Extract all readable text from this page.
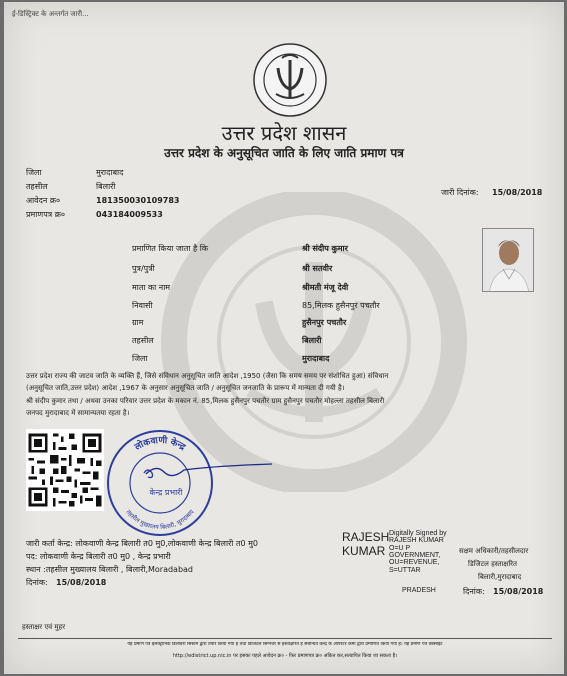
ई-डिस्ट्रिक्ट के अन्तर्गत जारी...
उत्तर प्रदेश शासन
उत्तर प्रदेश के अनुसूचित जाति के लिए जाति प्रमाण पत्र
जिला	मुरादाबाद
तहसील	बिलारी
आवेदन क्र०	181350030109783
प्रमाणपत्र क्र०	043184009533
जारी दिनांक: 15/08/2018
प्रमाणित किया जाता है कि	श्री संदीप कुमार
पुत्र/पुत्री	श्री सतवीर
माता का नाम	श्रीमती मंजू देवी
निवासी	85,मिलक हुसैनपुर पचतौर
ग्राम	हुसैनपुर पचतौर
तहसील	बिलारी
जिला	मुरादाबाद
उत्तर प्रदेश राज्य की जाटव जाति के व्यक्ति हैं, जिसे संविधान अनुसूचित जाति आदेश ,1950 (जैसा कि समय समय पर संशोधित हुआ) संविधान
(अनुसूचित जाति,उत्तर प्रदेश) आदेश ,1967 के अनुसार अनुसूचित जाति / अनुसूचित जनजाति के प्रारूप में मान्यता दी गयी है।
श्री संदीप कुमार तथा / अथवा उनका परिवार उत्तर प्रदेश के मकान नं. 85,मिलक हुसैनपुर पचतौर ग्राम हुसैनपुर पचतौर मोहल्ला तहसील बिलारी
जनपद मुरादाबाद में सामान्यतया रहता है।
लोकवाणी केन्द्र
तहसील मुख्यालय बिलारी, मुरादाबाद
केन्द्र प्रभारी
जारी कर्ता केन्द्र: लोकवाणी केन्द्र बिलारी त0 मु0,लोकवाणी केन्द्र बिलारी त0 मु0
पद: लोकवाणी केन्द्र बिलारी त0 मु0 , केन्द्र प्रभारी
स्थान :तहसील मुख्यालय बिलारी , बिलारी,Moradabad
दिनांक: 15/08/2018
RAJESH
KUMAR
Digitally Signed by
RAJESH KUMAR
O=U P
GOVERNMENT,
OU=REVENUE,
S=UTTAR
PRADESH
सक्षम अधिकारी/तहसीलदार
डिजिटल हस्ताक्षरित
बिलारी,मुरादाबाद
दिनांक: 15/08/2018
हस्ताक्षर एवं मुहर
यह प्रमाण पत्र इलेक्ट्रॉनिक डिलीवरी सिस्टम द्वारा तैयार किया गया है तथा डिजिटल सिग्नेचर से हस्ताक्षरित है संबन्धित केन्द्र के ऑपरेटर कर्मी द्वारा प्रमाणित किया गया है। यह प्रमाण पत्र वेबसाइट
http://edistrict.up.nic.in पर इसका पहले आवेदन क्र० - फिर प्रमाणपत्र क्र० अंकित कर,सत्यापित किया जा सकता है।
